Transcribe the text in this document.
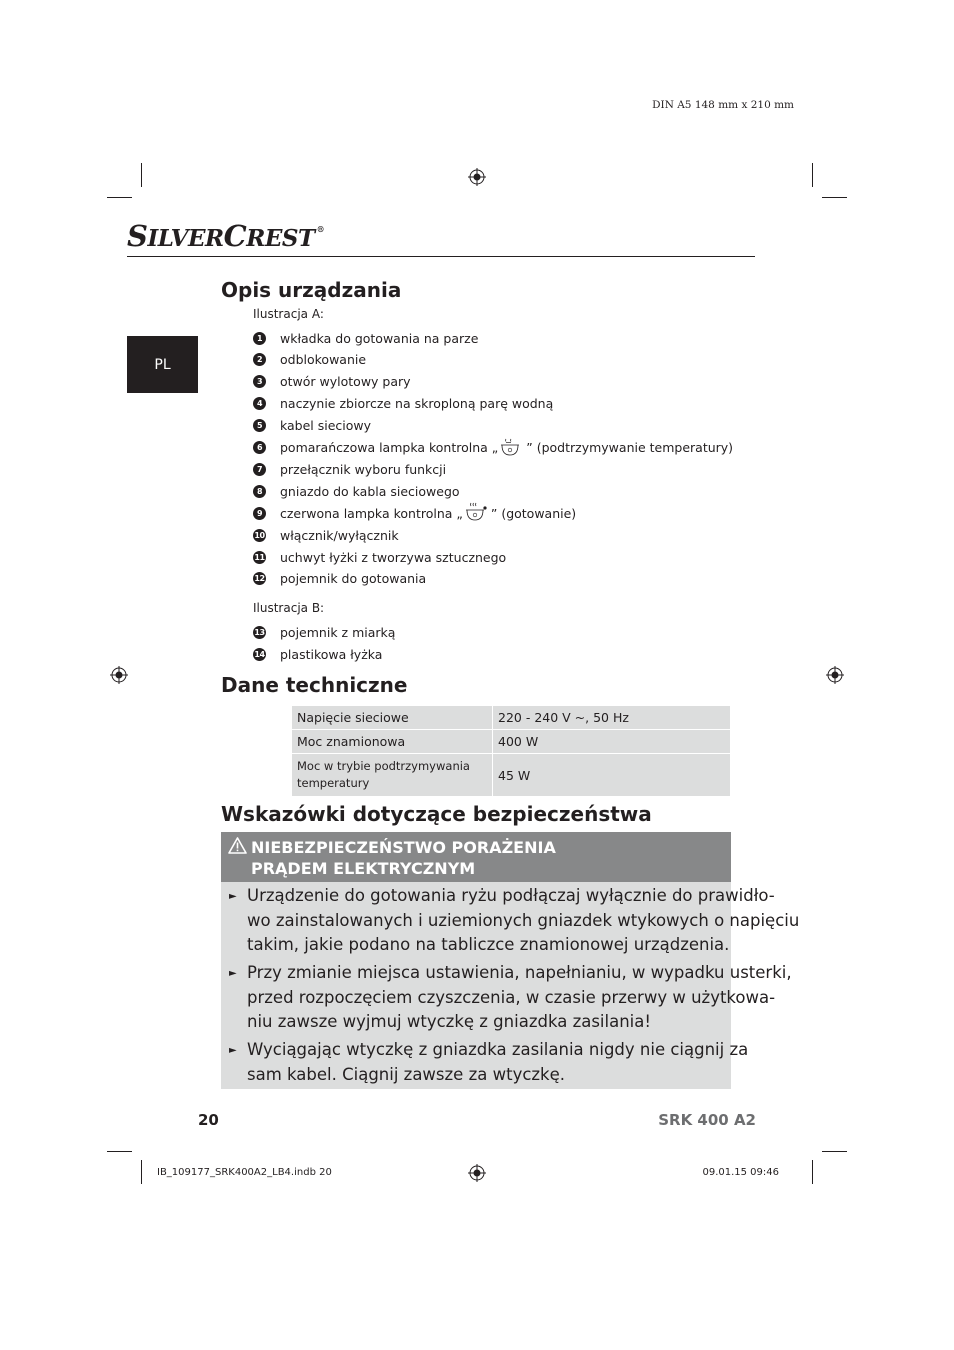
DIN A5 148 mm x 210 mm
SILVERCREST ®
PL
Opis urządzania
Ilustracja A:
1	wkładka do gotowania na parze
2	odblokowanie
3	otwór wylotowy pary
4	naczynie zbiorcze na skroploną parę wodną
5	kabel sieciowy
6	pomarańczowa lampka kontrolna „ ” (podtrzymywanie temperatury)
7	przełącznik wyboru funkcji
8	gniazdo do kabla sieciowego
9	czerwona lampka kontrolna „ ” (gotowanie)
10 włącznik/wyłącznik
11 uchwyt łyżki z tworzywa sztucznego
12 pojemnik do gotowania
Ilustracja B:
13 pojemnik z miarką
14 plastikowa łyżka
Dane techniczne
Napięcie sieciowe	220 - 240 V ~, 50 Hz
Moc znamionowa	400 W
Moc w trybie podtrzymywania
temperatury	45 W
Wskazówki dotyczące bezpieczeństwa
NIEBEZPIECZEŃSTWO PORAŻENIA
PRĄDEM ELEKTRYCZNYM
► Urządzenie do gotowania ryżu podłączaj wyłącznie do prawidło-
wo zainstalowanych i uziemionych gniazdek wtykowych o napięciu
takim, jakie podano na tabliczce znamionowej urządzenia.
► Przy zmianie miejsca ustawienia, napełnianiu, w wypadku usterki,
przed rozpoczęciem czyszczenia, w czasie przerwy w użytkowa-
niu zawsze wyjmuj wtyczkę z gniazdka zasilania!
► Wyciągając wtyczkę z gniazdka zasilania nigdy nie ciągnij za
sam kabel. Ciągnij zawsze za wtyczkę.
20	SRK 400 A2
IB_109177_SRK400A2_LB4.indb 20	09.01.15 09:46
